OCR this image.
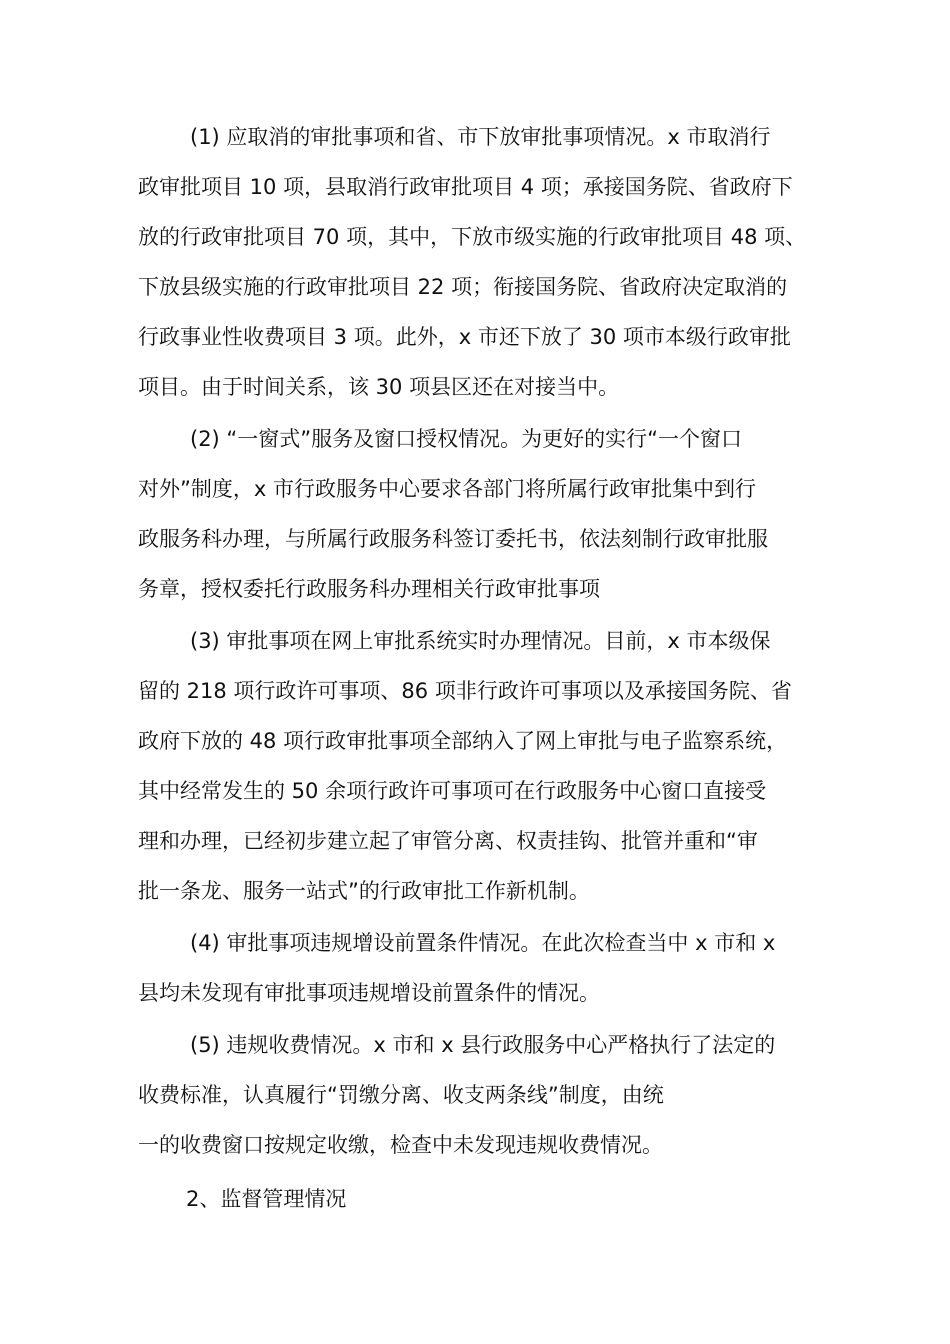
(1) 应取消的审批事项和省、市下放审批事项情况。x 市取消行

政审批项目 10 项，县取消行政审批项目 4 项；承接国务院、省政府下

放的行政审批项目 70 项，其中，下放市级实施的行政审批项目 48 项、

下放县级实施的行政审批项目 22 项；衔接国务院、省政府决定取消的

行政事业性收费项目 3 项。此外，x 市还下放了 30 项市本级行政审批

项目。由于时间关系，该 30 项县区还在对接当中。

(2) “一窗式”服务及窗口授权情况。为更好的实行“一个窗口

对外”制度，x 市行政服务中心要求各部门将所属行政审批集中到行

政服务科办理，与所属行政服务科签订委托书，依法刻制行政审批服

务章，授权委托行政服务科办理相关行政审批事项

(3) 审批事项在网上审批系统实时办理情况。目前，x 市本级保

留的 218 项行政许可事项、86 项非行政许可事项以及承接国务院、省

政府下放的 48 项行政审批事项全部纳入了网上审批与电子监察系统，

其中经常发生的 50 余项行政许可事项可在行政服务中心窗口直接受

理和办理，已经初步建立起了审管分离、权责挂钩、批管并重和“审

批一条龙、服务一站式”的行政审批工作新机制。

(4) 审批事项违规增设前置条件情况。在此次检查当中 x 市和 x

县均未发现有审批事项违规增设前置条件的情况。

(5) 违规收费情况。x 市和 x 县行政服务中心严格执行了法定的

收费标准，认真履行“罚缴分离、收支两条线”制度，由统

一的收费窗口按规定收缴，检查中未发现违规收费情况。

2、监督管理情况
